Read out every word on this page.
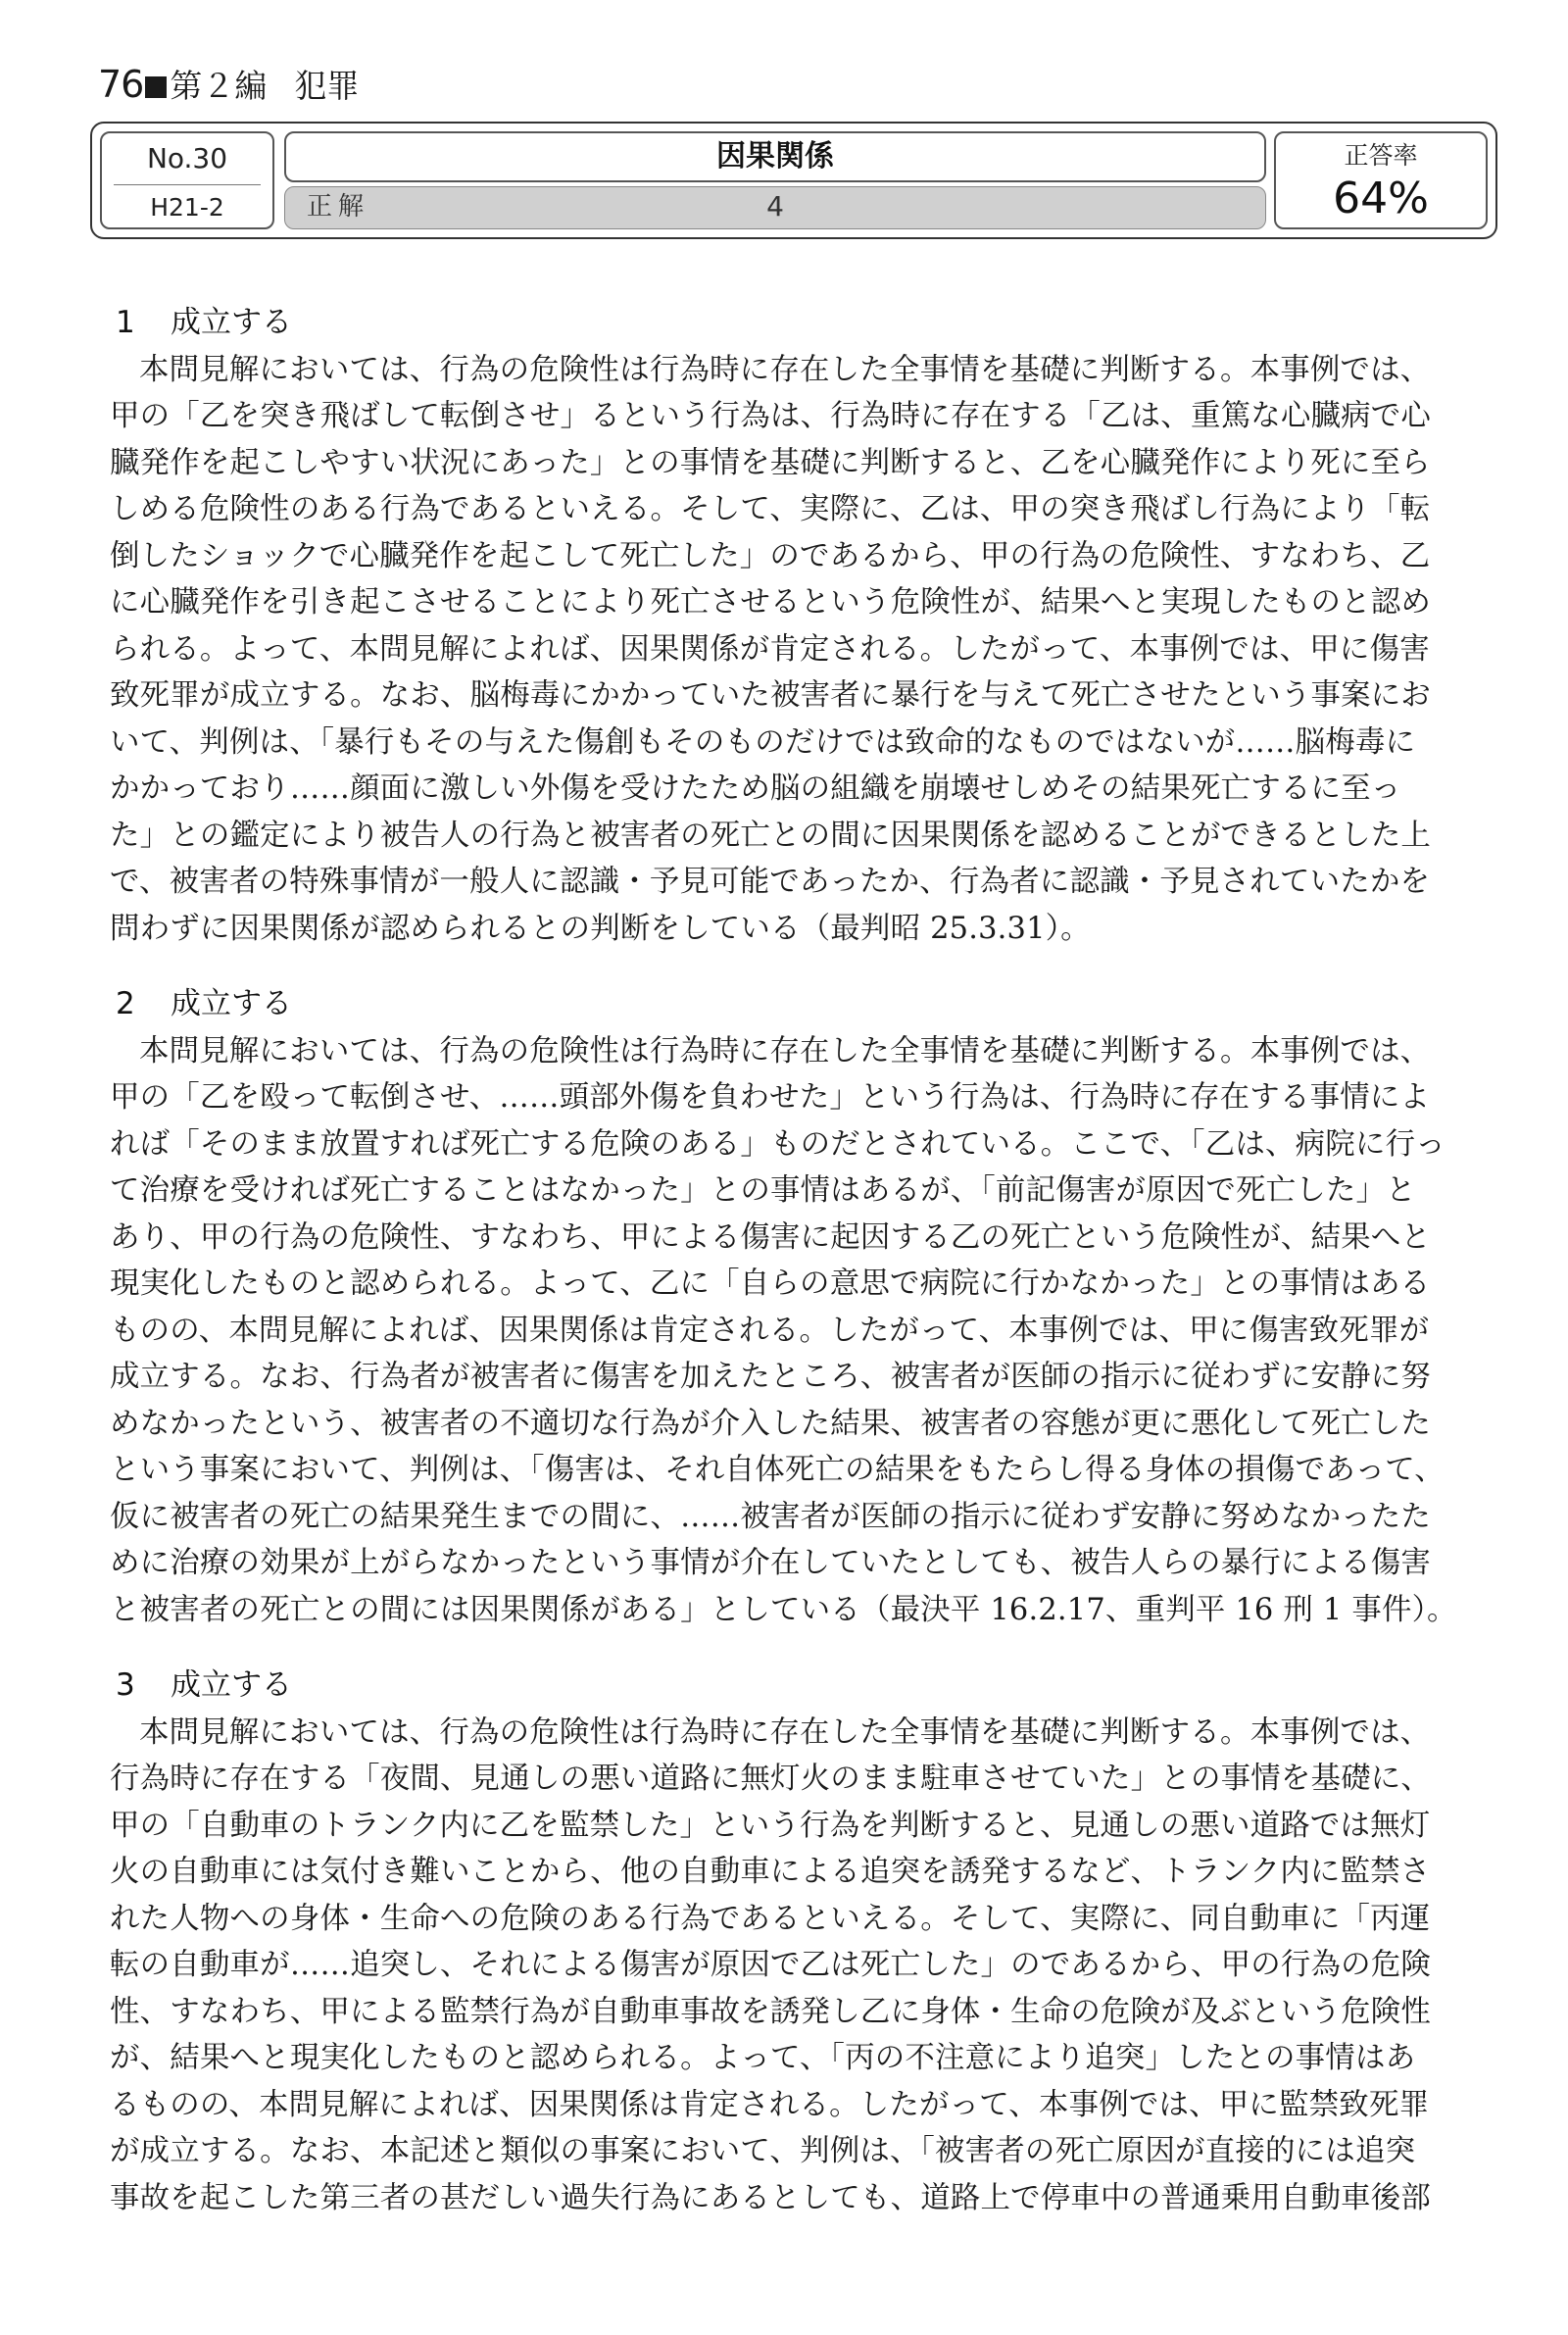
76 第２編 犯罪
No.30
H21-2
因果関係
正解	4
正答率
64%
1 成立する
本問見解においては、行為の危険性は行為時に存在した全事情を基礎に判断する。本事例では、
甲の「乙を突き飛ばして転倒させ」るという行為は、行為時に存在する「乙は、重篤な心臓病で心
臓発作を起こしやすい状況にあった」との事情を基礎に判断すると、乙を心臓発作により死に至ら
しめる危険性のある行為であるといえる。そして、実際に、乙は、甲の突き飛ばし行為により「転
倒したショックで心臓発作を起こして死亡した」のであるから、甲の行為の危険性、すなわち、乙
に心臓発作を引き起こさせることにより死亡させるという危険性が、結果へと実現したものと認め
られる。よって、本問見解によれば、因果関係が肯定される。したがって、本事例では、甲に傷害
致死罪が成立する。なお、脳梅毒にかかっていた被害者に暴行を与えて死亡させたという事案にお
いて、判例は、「暴行もその与えた傷創もそのものだけでは致命的なものではないが……脳梅毒に
かかっており……顔面に激しい外傷を受けたため脳の組織を崩壊せしめその結果死亡するに至っ
た」との鑑定により被告人の行為と被害者の死亡との間に因果関係を認めることができるとした上
で、被害者の特殊事情が一般人に認識・予見可能であったか、行為者に認識・予見されていたかを
問わずに因果関係が認められるとの判断をしている（最判昭 25.3.31）。
2 成立する
本問見解においては、行為の危険性は行為時に存在した全事情を基礎に判断する。本事例では、
甲の「乙を殴って転倒させ、……頭部外傷を負わせた」という行為は、行為時に存在する事情によ
れば「そのまま放置すれば死亡する危険のある」ものだとされている。ここで、「乙は、病院に行っ
て治療を受ければ死亡することはなかった」との事情はあるが、「前記傷害が原因で死亡した」と
あり、甲の行為の危険性、すなわち、甲による傷害に起因する乙の死亡という危険性が、結果へと
現実化したものと認められる。よって、乙に「自らの意思で病院に行かなかった」との事情はある
ものの、本問見解によれば、因果関係は肯定される。したがって、本事例では、甲に傷害致死罪が
成立する。なお、行為者が被害者に傷害を加えたところ、被害者が医師の指示に従わずに安静に努
めなかったという、被害者の不適切な行為が介入した結果、被害者の容態が更に悪化して死亡した
という事案において、判例は、「傷害は、それ自体死亡の結果をもたらし得る身体の損傷であって、
仮に被害者の死亡の結果発生までの間に、……被害者が医師の指示に従わず安静に努めなかったた
めに治療の効果が上がらなかったという事情が介在していたとしても、被告人らの暴行による傷害
と被害者の死亡との間には因果関係がある」としている（最決平 16.2.17、重判平 16 刑 1 事件）。
3 成立する
本問見解においては、行為の危険性は行為時に存在した全事情を基礎に判断する。本事例では、
行為時に存在する「夜間、見通しの悪い道路に無灯火のまま駐車させていた」との事情を基礎に、
甲の「自動車のトランク内に乙を監禁した」という行為を判断すると、見通しの悪い道路では無灯
火の自動車には気付き難いことから、他の自動車による追突を誘発するなど、トランク内に監禁さ
れた人物への身体・生命への危険のある行為であるといえる。そして、実際に、同自動車に「丙運
転の自動車が……追突し、それによる傷害が原因で乙は死亡した」のであるから、甲の行為の危険
性、すなわち、甲による監禁行為が自動車事故を誘発し乙に身体・生命の危険が及ぶという危険性
が、結果へと現実化したものと認められる。よって、「丙の不注意により追突」したとの事情はあ
るものの、本問見解によれば、因果関係は肯定される。したがって、本事例では、甲に監禁致死罪
が成立する。なお、本記述と類似の事案において、判例は、「被害者の死亡原因が直接的には追突
事故を起こした第三者の甚だしい過失行為にあるとしても、道路上で停車中の普通乗用自動車後部
